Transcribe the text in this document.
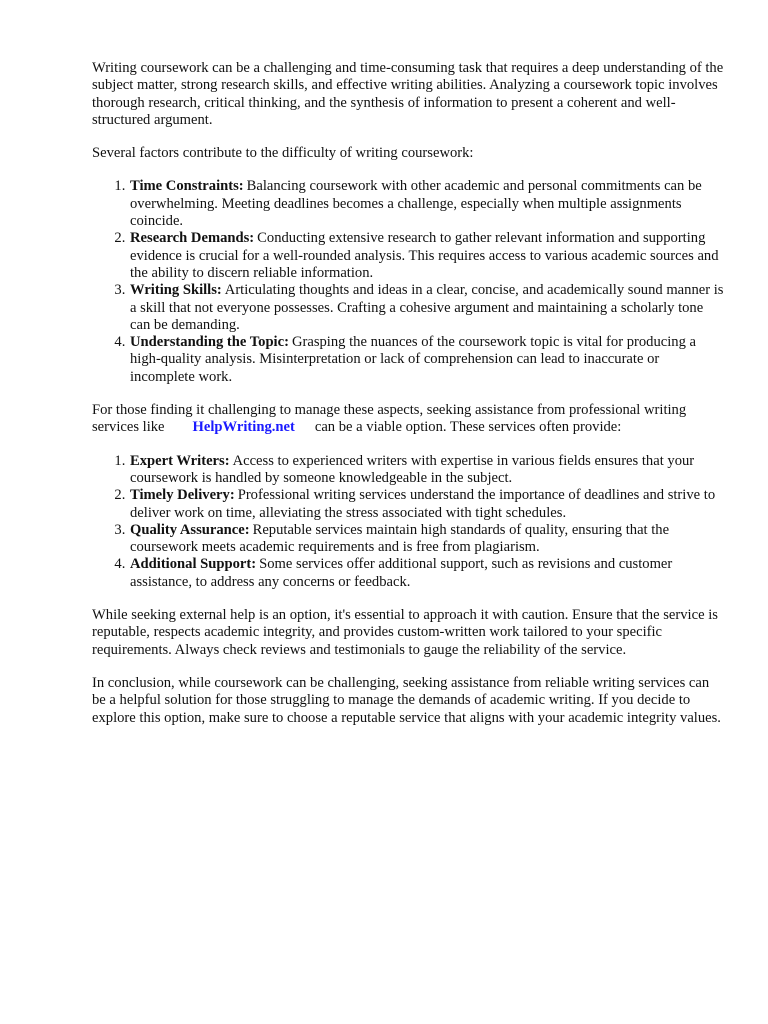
Writing coursework can be a challenging and time-consuming task that requires a deep understanding of the subject matter, strong research skills, and effective writing abilities. Analyzing a coursework topic involves thorough research, critical thinking, and the synthesis of information to present a coherent and well-structured argument.

Several factors contribute to the difficulty of writing coursework:

1. Time Constraints: Balancing coursework with other academic and personal commitments can be overwhelming. Meeting deadlines becomes a challenge, especially when multiple assignments coincide.
2. Research Demands: Conducting extensive research to gather relevant information and supporting evidence is crucial for a well-rounded analysis. This requires access to various academic sources and the ability to discern reliable information.
3. Writing Skills: Articulating thoughts and ideas in a clear, concise, and academically sound manner is a skill that not everyone possesses. Crafting a cohesive argument and maintaining a scholarly tone can be demanding.
4. Understanding the Topic: Grasping the nuances of the coursework topic is vital for producing a high-quality analysis. Misinterpretation or lack of comprehension can lead to inaccurate or incomplete work.

For those finding it challenging to manage these aspects, seeking assistance from professional writing services like HelpWriting.net can be a viable option. These services often provide:

1. Expert Writers: Access to experienced writers with expertise in various fields ensures that your coursework is handled by someone knowledgeable in the subject.
2. Timely Delivery: Professional writing services understand the importance of deadlines and strive to deliver work on time, alleviating the stress associated with tight schedules.
3. Quality Assurance: Reputable services maintain high standards of quality, ensuring that the coursework meets academic requirements and is free from plagiarism.
4. Additional Support: Some services offer additional support, such as revisions and customer assistance, to address any concerns or feedback.

While seeking external help is an option, it's essential to approach it with caution. Ensure that the service is reputable, respects academic integrity, and provides custom-written work tailored to your specific requirements. Always check reviews and testimonials to gauge the reliability of the service.

In conclusion, while coursework can be challenging, seeking assistance from reliable writing services can be a helpful solution for those struggling to manage the demands of academic writing. If you decide to explore this option, make sure to choose a reputable service that aligns with your academic integrity values.
